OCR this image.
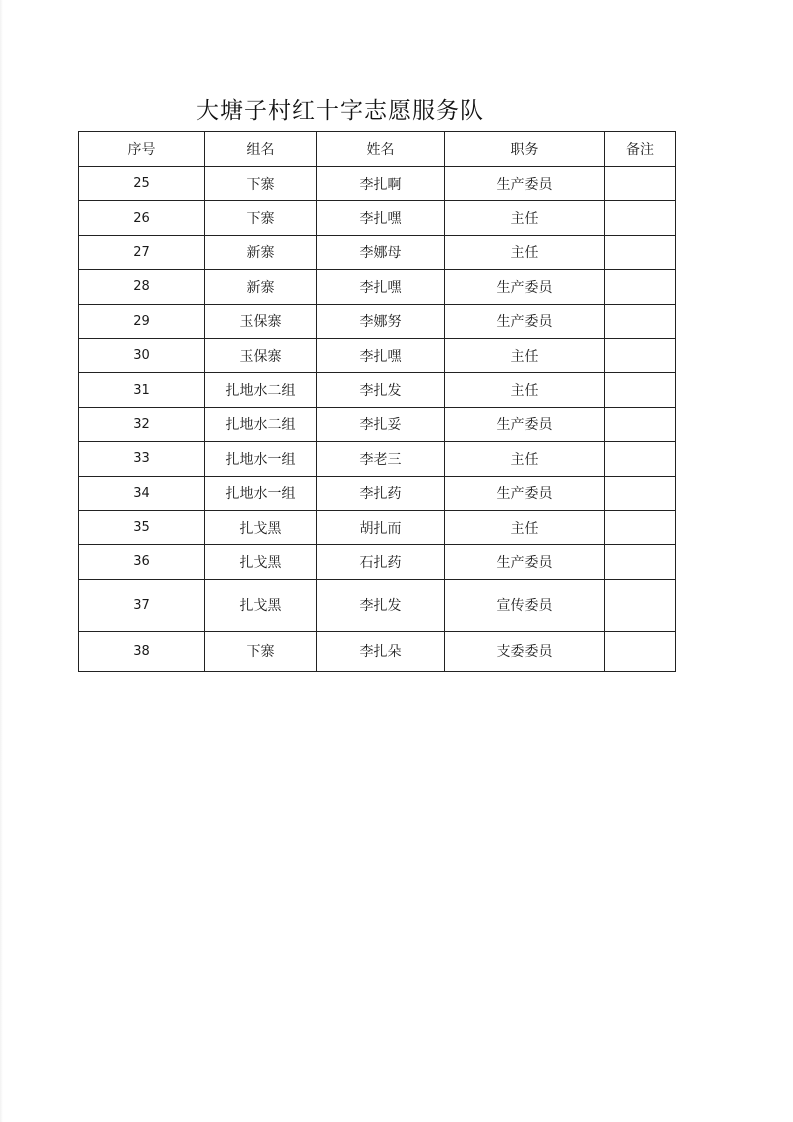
大塘子村红十字志愿服务队
序号	组名	姓名	职务	备注
25	下寨	李扎啊	生产委员	
26	下寨	李扎嘿	主任	
27	新寨	李娜母	主任	
28	新寨	李扎嘿	生产委员	
29	玉保寨	李娜努	生产委员	
30	玉保寨	李扎嘿	主任	
31	扎地水二组	李扎发	主任	
32	扎地水二组	李扎妥	生产委员	
33	扎地水一组	李老三	主任	
34	扎地水一组	李扎药	生产委员	
35	扎戈黑	胡扎而	主任	
36	扎戈黑	石扎药	生产委员	
37	扎戈黑	李扎发	宣传委员	
38	下寨	李扎朵	支委委员	
